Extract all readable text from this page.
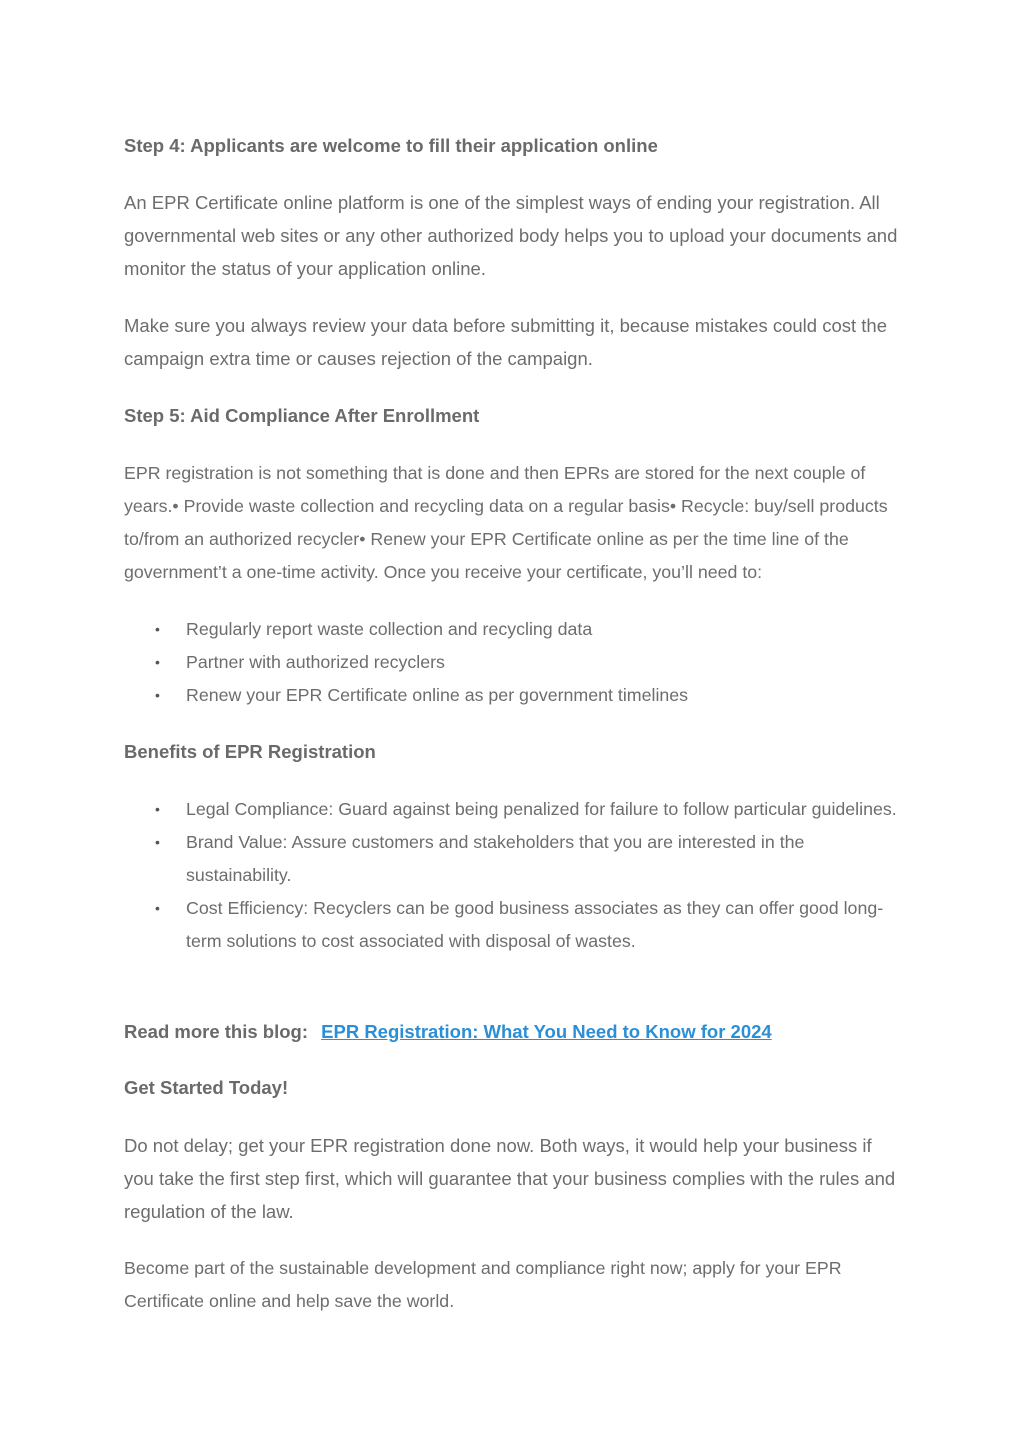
Step 4: Applicants are welcome to fill their application online

An EPR Certificate online platform is one of the simplest ways of ending your registration. All governmental web sites or any other authorized body helps you to upload your documents and monitor the status of your application online.

Make sure you always review your data before submitting it, because mistakes could cost the campaign extra time or causes rejection of the campaign.

Step 5: Aid Compliance After Enrollment

EPR registration is not something that is done and then EPRs are stored for the next couple of years.• Provide waste collection and recycling data on a regular basis• Recycle: buy/sell products to/from an authorized recycler• Renew your EPR Certificate online as per the time line of the government’t a one-time activity. Once you receive your certificate, you’ll need to:

• Regularly report waste collection and recycling data
• Partner with authorized recyclers
• Renew your EPR Certificate online as per government timelines
Benefits of EPR Registration
• Legal Compliance: Guard against being penalized for failure to follow particular guidelines.
• Brand Value: Assure customers and stakeholders that you are interested in the sustainability.
• Cost Efficiency: Recyclers can be good business associates as they can offer good long-term solutions to cost associated with disposal of wastes.

Read more this blog: EPR Registration: What You Need to Know for 2024

Get Started Today!

Do not delay; get your EPR registration done now. Both ways, it would help your business if you take the first step first, which will guarantee that your business complies with the rules and regulation of the law.

Become part of the sustainable development and compliance right now; apply for your EPR Certificate online and help save the world.
